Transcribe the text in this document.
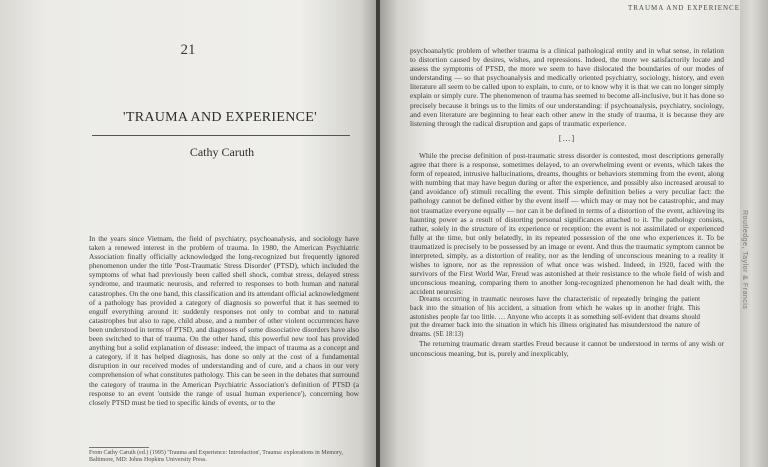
21
'TRAUMA AND EXPERIENCE'
Cathy Caruth

In the years since Vietnam, the field of psychiatry, psychoanalysis, and sociology have taken a renewed interest in the problem of trauma. In 1980, the American Psychiatric Association finally officially acknowledged the long-recognized but frequently ignored phenomenon under the title 'Post-Traumatic Stress Disorder' (PTSD), which included the symptoms of what had previously been called shell shock, combat stress, delayed stress syndrome, and traumatic neurosis, and referred to responses to both human and natural catastrophes. On the one hand, this classification and its attendant official acknowledgment of a pathology has provided a category of diagnosis so powerful that it has seemed to engulf everything around it: suddenly responses not only to combat and to natural catastrophes but also to rape, child abuse, and a number of other violent occurrences have been understood in terms of PTSD, and diagnoses of some dissociative disorders have also been switched to that of trauma. On the other hand, this powerful new tool has provided anything but a solid explanation of disease: indeed, the impact of trauma as a concept and a category, if it has helped diagnosis, has done so only at the cost of a fundamental disruption in our received modes of understanding and of cure, and a chaos in our very comprehension of what constitutes pathology. This can be seen in the debates that surround the category of trauma in the American Psychiatric Association's definition of PTSD (a response to an event 'outside the range of usual human experience'), concerning how closely PTSD must be tied to specific kinds of events, or to the

From Cathy Caruth (ed.) (1995) 'Trauma and Experience: Introduction', Trauma: explorations in Memory, Baltimore, MD: Johns Hopkins University Press.
TRAUMA AND EXPERIENCE

psychoanalytic problem of whether trauma is a clinical pathological entity and in what sense, in relation to distortion caused by desires, wishes, and repressions. Indeed, the more we satisfactorily locate and assess the symptoms of PTSD, the more we seem to have dislocated the boundaries of our modes of understanding — so that psychoanalysis and medically oriented psychiatry, sociology, history, and even literature all seem to be called upon to explain, to cure, or to know why it is that we can no longer simply explain or simply cure. The phenomenon of trauma has seemed to become all-inclusive, but it has done so precisely because it brings us to the limits of our understanding: if psychoanalysis, psychiatry, sociology, and even literature are beginning to hear each other anew in the study of trauma, it is because they are listening through the radical disruption and gaps of traumatic experience.

[…]

While the precise definition of post-traumatic stress disorder is contested, most descriptions generally agree that there is a response, sometimes delayed, to an overwhelming event or events, which takes the form of repeated, intrusive hallucinations, dreams, thoughts or behaviors stemming from the event, along with numbing that may have begun during or after the experience, and possibly also increased arousal to (and avoidance of) stimuli recalling the event. This simple definition belies a very peculiar fact: the pathology cannot be defined either by the event itself — which may or may not be catastrophic, and may not traumatize everyone equally — nor can it be defined in terms of a distortion of the event, achieving its haunting power as a result of distorting personal significances attached to it. The pathology consists, rather, solely in the structure of its experience or reception: the event is not assimilated or experienced fully at the time, but only belatedly, in its repeated possession of the one who experiences it. To be traumatized is precisely to be possessed by an image or event. And thus the traumatic symptom cannot be interpreted, simply, as a distortion of reality, nor as the lending of unconscious meaning to a reality it wishes to ignore, nor as the repression of what once was wished. Indeed, in 1920, faced with the survivors of the First World War, Freud was astonished at their resistance to the whole field of wish and unconscious meaning, comparing them to another long-recognized phenomenon he had dealt with, the accident neurosis:

Dreams occurring in traumatic neuroses have the characteristic of repeatedly bringing the patient back into the situation of his accident, a situation from which he wakes up in another fright. This astonishes people far too little. … Anyone who accepts it as something self-evident that dreams should put the dreamer back into the situation in which his illness originated has misunderstood the nature of dreams. (SE 18:13)

The returning traumatic dream startles Freud because it cannot be understood in terms of any wish or unconscious meaning, but is, purely and inexplicably,

Routledge, Taylor & Francis
